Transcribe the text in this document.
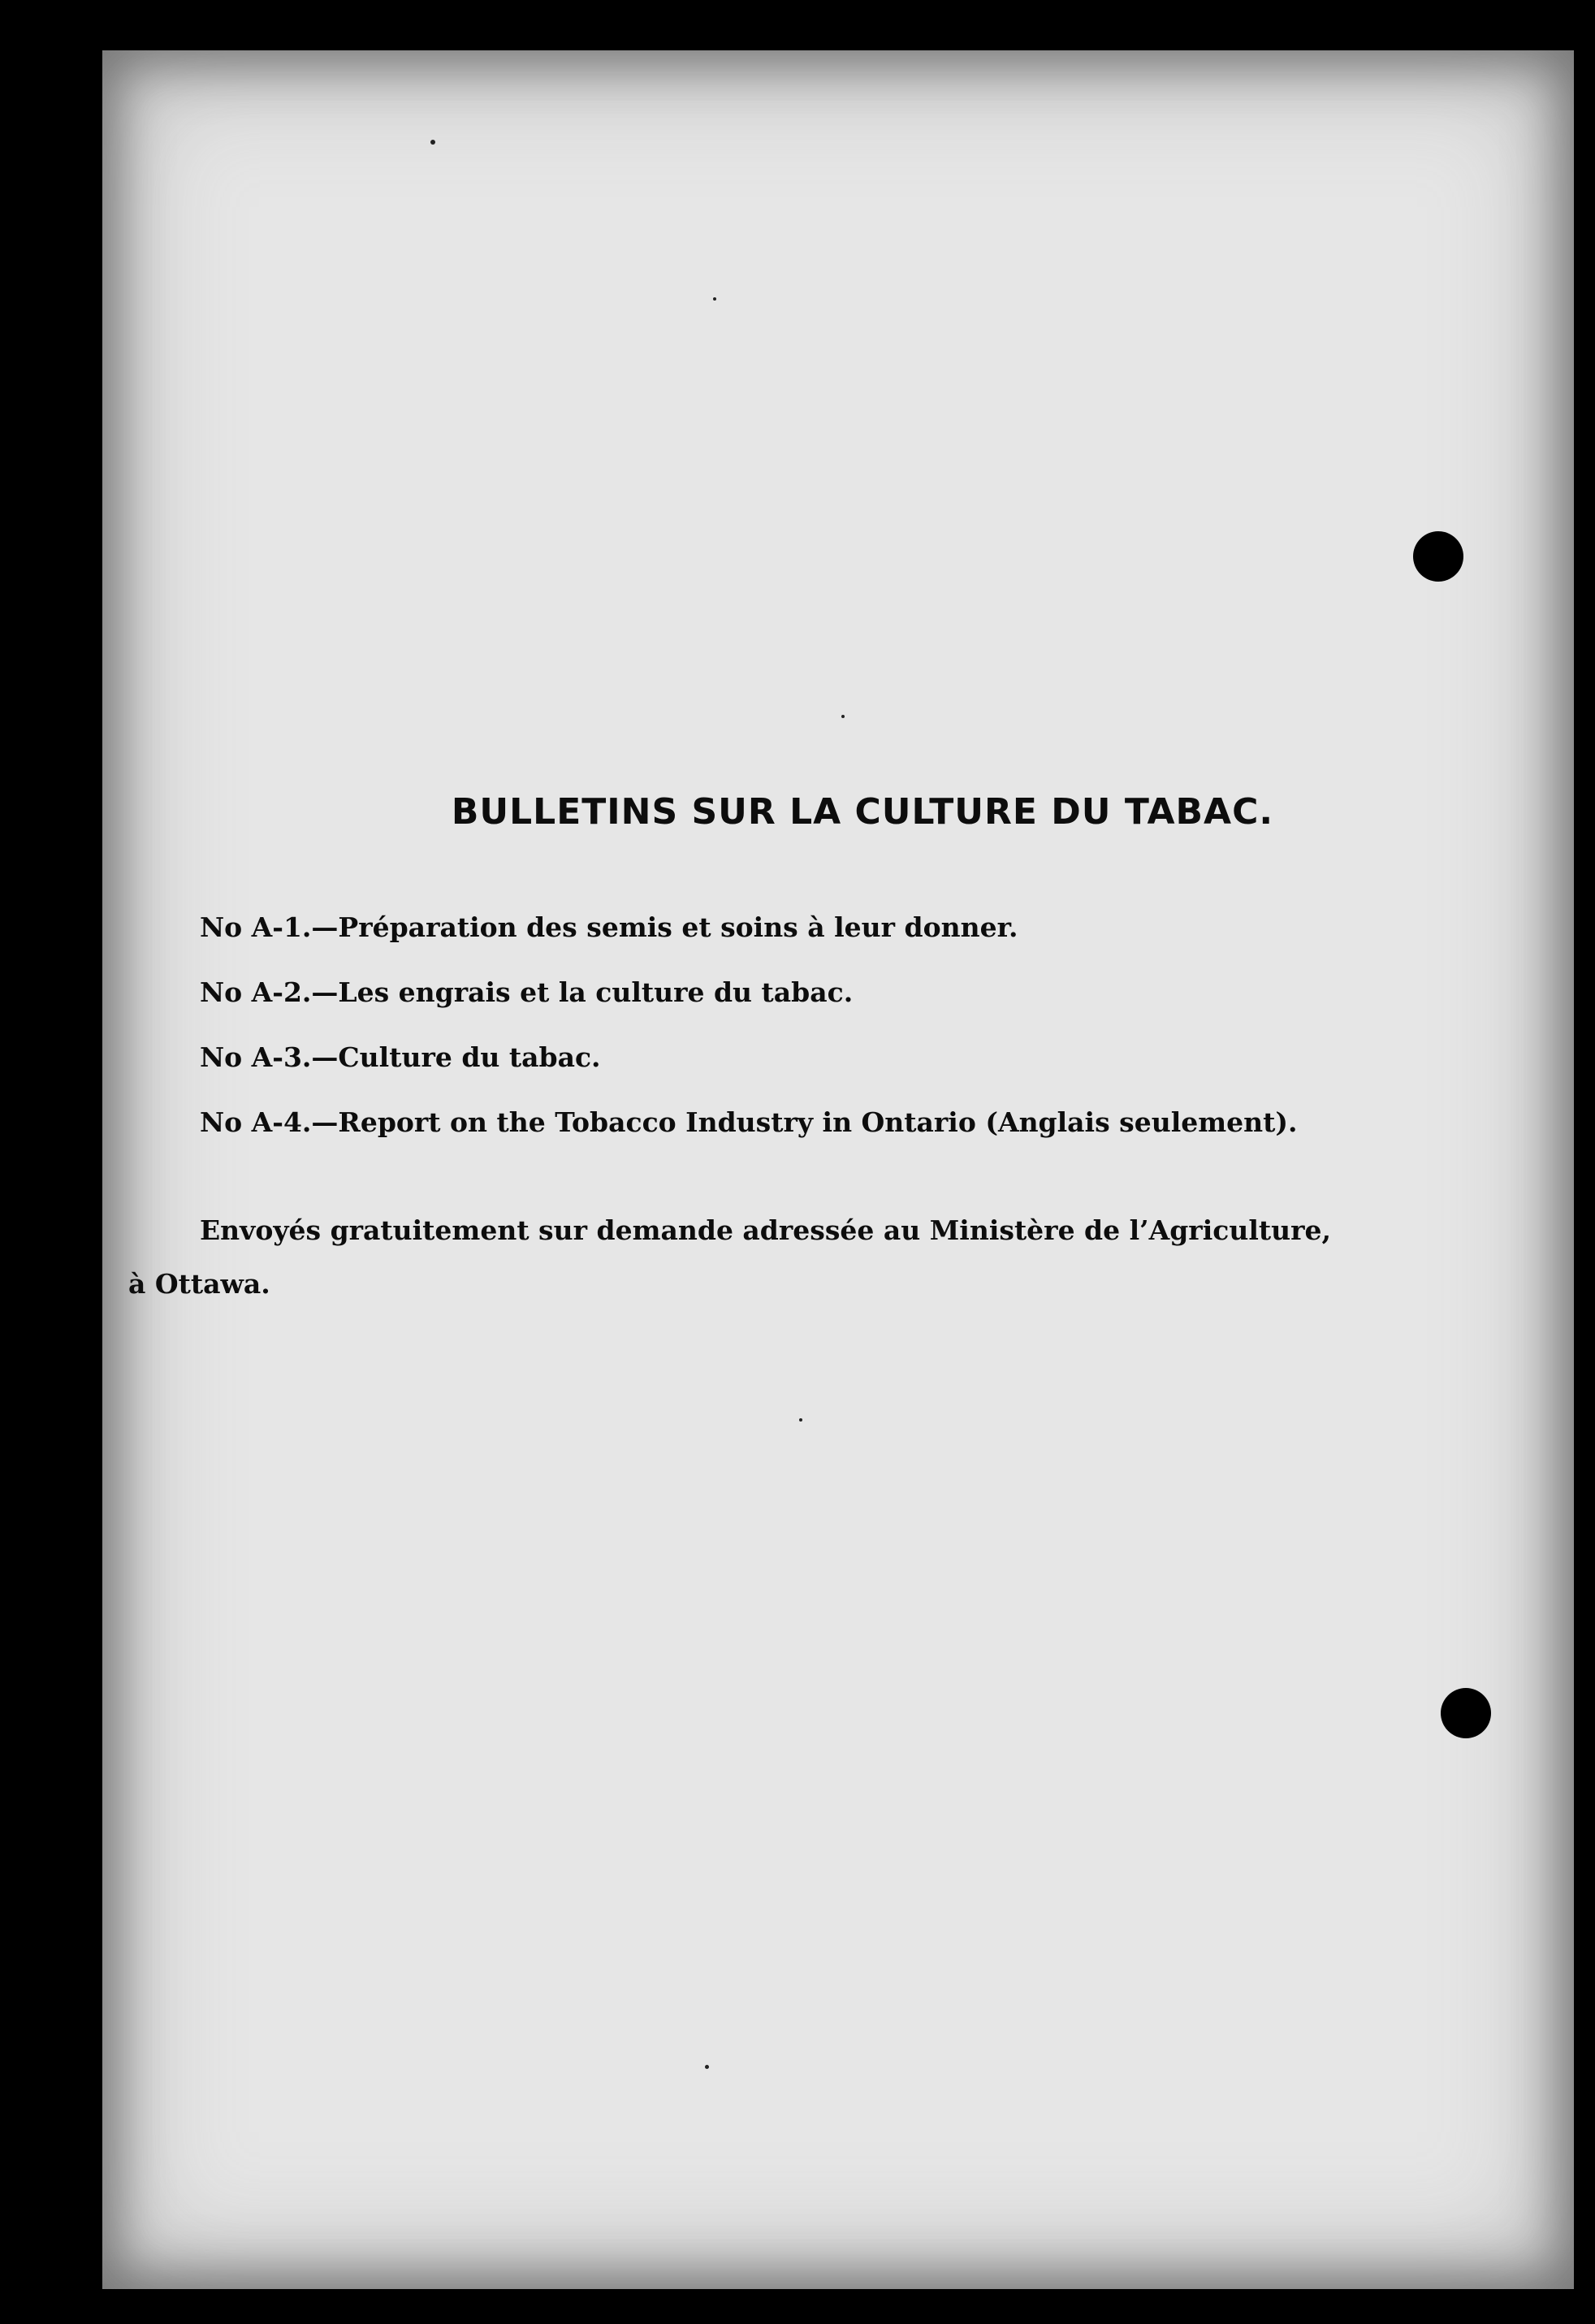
BULLETINS SUR LA CULTURE DU TABAC.
No A-1.—Préparation des semis et soins à leur donner.
No A-2.—Les engrais et la culture du tabac.
No A-3.—Culture du tabac.
No A-4.—Report on the Tobacco Industry in Ontario (Anglais seulement).
Envoyés gratuitement sur demande adressée au Ministère de l’Agriculture,
à Ottawa.
